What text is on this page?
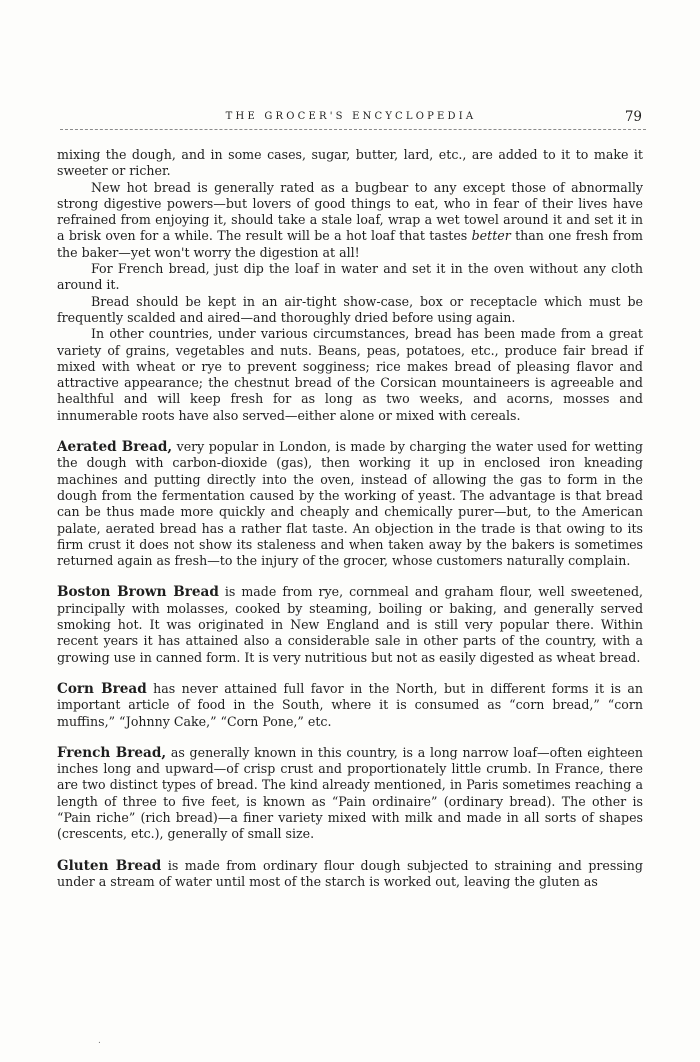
THE GROCER'S ENCYCLOPEDIA	79

mixing the dough, and in some cases, sugar, butter, lard, etc., are added to it to make it sweeter or richer.

New hot bread is generally rated as a bugbear to any except those of abnormally strong digestive powers—but lovers of good things to eat, who in fear of their lives have refrained from enjoying it, should take a stale loaf, wrap a wet towel around it and set it in a brisk oven for a while. The result will be a hot loaf that tastes better than one fresh from the baker—yet won't worry the digestion at all!

For French bread, just dip the loaf in water and set it in the oven without any cloth around it.

Bread should be kept in an air-tight show-case, box or receptacle which must be frequently scalded and aired—and thoroughly dried before using again.

In other countries, under various circumstances, bread has been made from a great variety of grains, vegetables and nuts. Beans, peas, potatoes, etc., produce fair bread if mixed with wheat or rye to prevent sogginess; rice makes bread of pleasing flavor and attractive appearance; the chestnut bread of the Corsican mountaineers is agreeable and healthful and will keep fresh for as long as two weeks, and acorns, mosses and innumerable roots have also served—either alone or mixed with cereals.

Aerated Bread, very popular in London, is made by charging the water used for wetting the dough with carbon-dioxide (gas), then working it up in enclosed iron kneading machines and putting directly into the oven, instead of allowing the gas to form in the dough from the fermentation caused by the working of yeast. The advantage is that bread can be thus made more quickly and cheaply and chemically purer—but, to the American palate, aerated bread has a rather flat taste. An objection in the trade is that owing to its firm crust it does not show its staleness and when taken away by the bakers is sometimes returned again as fresh—to the injury of the grocer, whose customers naturally complain.

Boston Brown Bread is made from rye, cornmeal and graham flour, well sweetened, principally with molasses, cooked by steaming, boiling or baking, and generally served smoking hot. It was originated in New England and is still very popular there. Within recent years it has attained also a considerable sale in other parts of the country, with a growing use in canned form. It is very nutritious but not as easily digested as wheat bread.

Corn Bread has never attained full favor in the North, but in different forms it is an important article of food in the South, where it is consumed as “corn bread,” “corn muffins,” “Johnny Cake,” “Corn Pone,” etc.

French Bread, as generally known in this country, is a long narrow loaf—often eighteen inches long and upward—of crisp crust and proportionately little crumb. In France, there are two distinct types of bread. The kind already mentioned, in Paris sometimes reaching a length of three to five feet, is known as “Pain ordinaire” (ordinary bread). The other is “Pain riche” (rich bread)—a finer variety mixed with milk and made in all sorts of shapes (crescents, etc.), generally of small size.

Gluten Bread is made from ordinary flour dough subjected to straining and pressing under a stream of water until most of the starch is worked out, leaving the gluten as

.
